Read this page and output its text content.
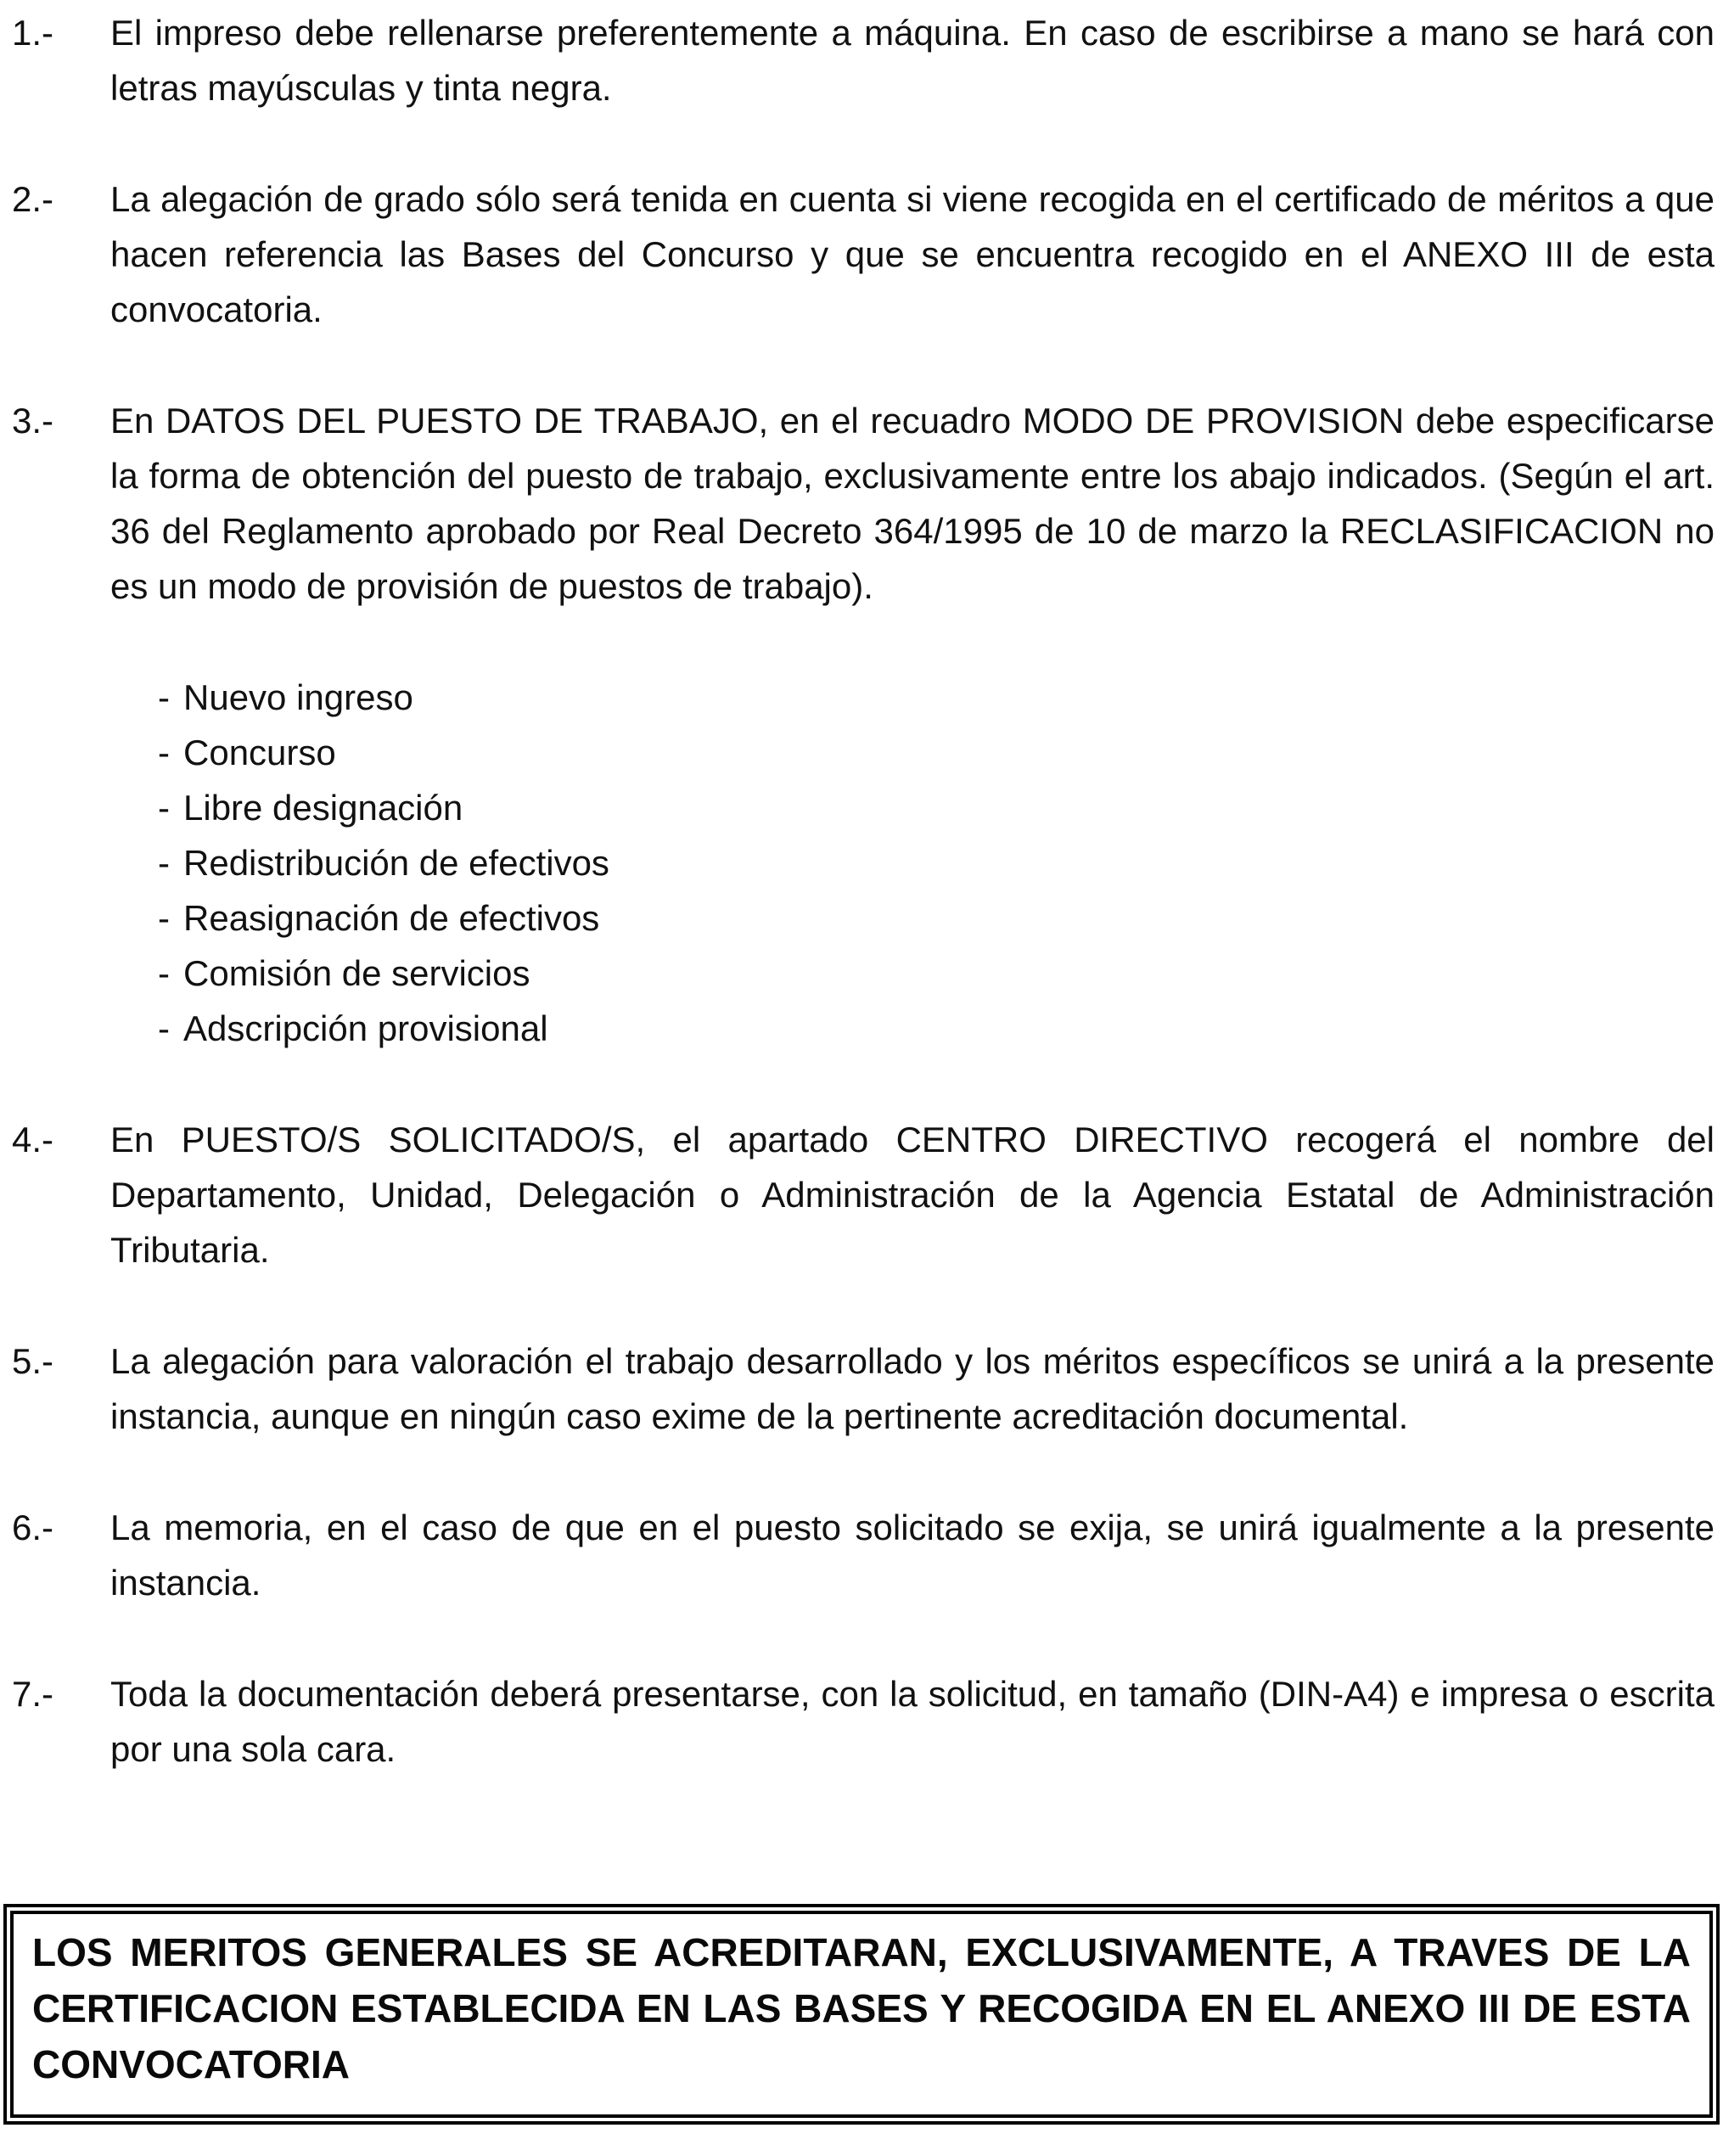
1.-	El impreso debe rellenarse preferentemente a máquina. En caso de escribirse a mano se hará con letras mayúsculas y tinta negra.
2.-	La alegación de grado sólo será tenida en cuenta si viene recogida en el certificado de méritos a que hacen referencia las Bases del Concurso y que se encuentra recogido en el ANEXO III de esta convocatoria.
3.-	En DATOS DEL PUESTO DE TRABAJO, en el recuadro MODO DE PROVISION debe especificarse la forma de obtención del puesto de trabajo, exclusivamente entre los abajo indicados. (Según el art. 36 del Reglamento aprobado por Real Decreto 364/1995 de 10 de marzo la RECLASIFICACION no es un modo de provisión de puestos de trabajo).

- Nuevo ingreso
- Concurso
- Libre designación
- Redistribución de efectivos
- Reasignación de efectivos
- Comisión de servicios
- Adscripción provisional
4.-	En PUESTO/S SOLICITADO/S, el apartado CENTRO DIRECTIVO recogerá el nombre del Departamento, Unidad, Delegación o Administración de la Agencia Estatal de Administración Tributaria.
5.-	La alegación para valoración el trabajo desarrollado y los méritos específicos se unirá a la presente instancia, aunque en ningún caso exime de la pertinente acreditación documental.
6.-	La memoria, en el caso de que en el puesto solicitado se exija, se unirá igualmente a la presente instancia.
7.-	Toda la documentación deberá presentarse, con la solicitud, en tamaño (DIN-A4) e impresa o escrita por una sola cara.
LOS MERITOS GENERALES SE ACREDITARAN, EXCLUSIVAMENTE, A TRAVES DE LA CERTIFICACION ESTABLECIDA EN LAS BASES Y RECOGIDA EN EL ANEXO III DE ESTA CONVOCATORIA
